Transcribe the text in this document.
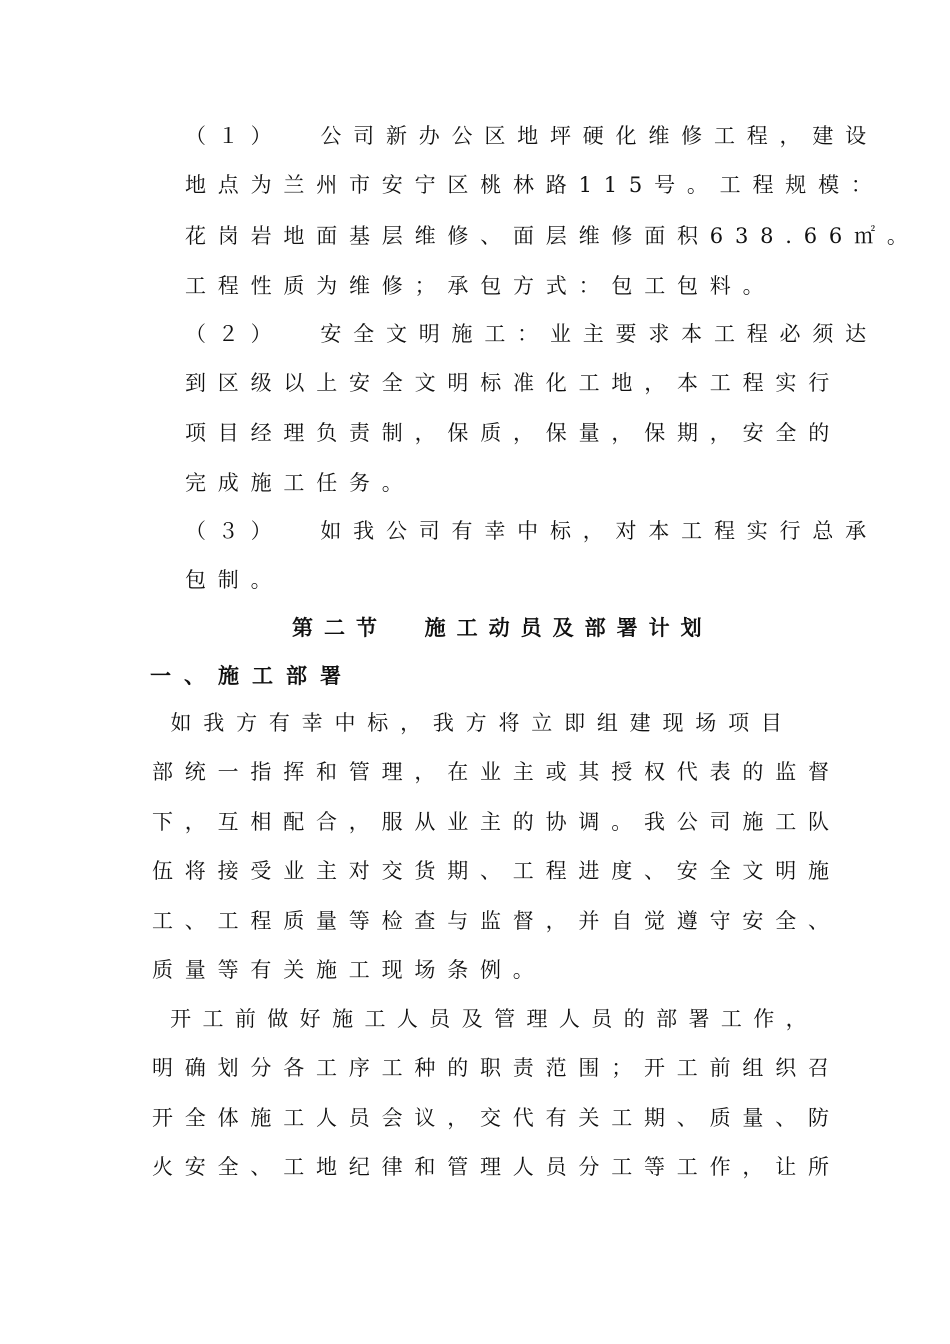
（１）  公司新办公区地坪硬化维修工程，建设
地点为兰州市安宁区桃林路115号。工程规模：
花岗岩地面基层维修、面层维修面积638.66㎡。
工程性质为维修；承包方式：包工包料。
（２）  安全文明施工：业主要求本工程必须达
到区级以上安全文明标准化工地，本工程实行
项目经理负责制，保质，保量，保期，安全的
完成施工任务。
（３）  如我公司有幸中标，对本工程实行总承
包制。
第二节  施工动员及部署计划
一、施工部署
如我方有幸中标，我方将立即组建现场项目
部统一指挥和管理，在业主或其授权代表的监督
下，互相配合，服从业主的协调。我公司施工队
伍将接受业主对交货期、工程进度、安全文明施
工、工程质量等检查与监督，并自觉遵守安全、
质量等有关施工现场条例。
开工前做好施工人员及管理人员的部署工作，
明确划分各工序工种的职责范围；开工前组织召
开全体施工人员会议，交代有关工期、质量、防
火安全、工地纪律和管理人员分工等工作，让所
